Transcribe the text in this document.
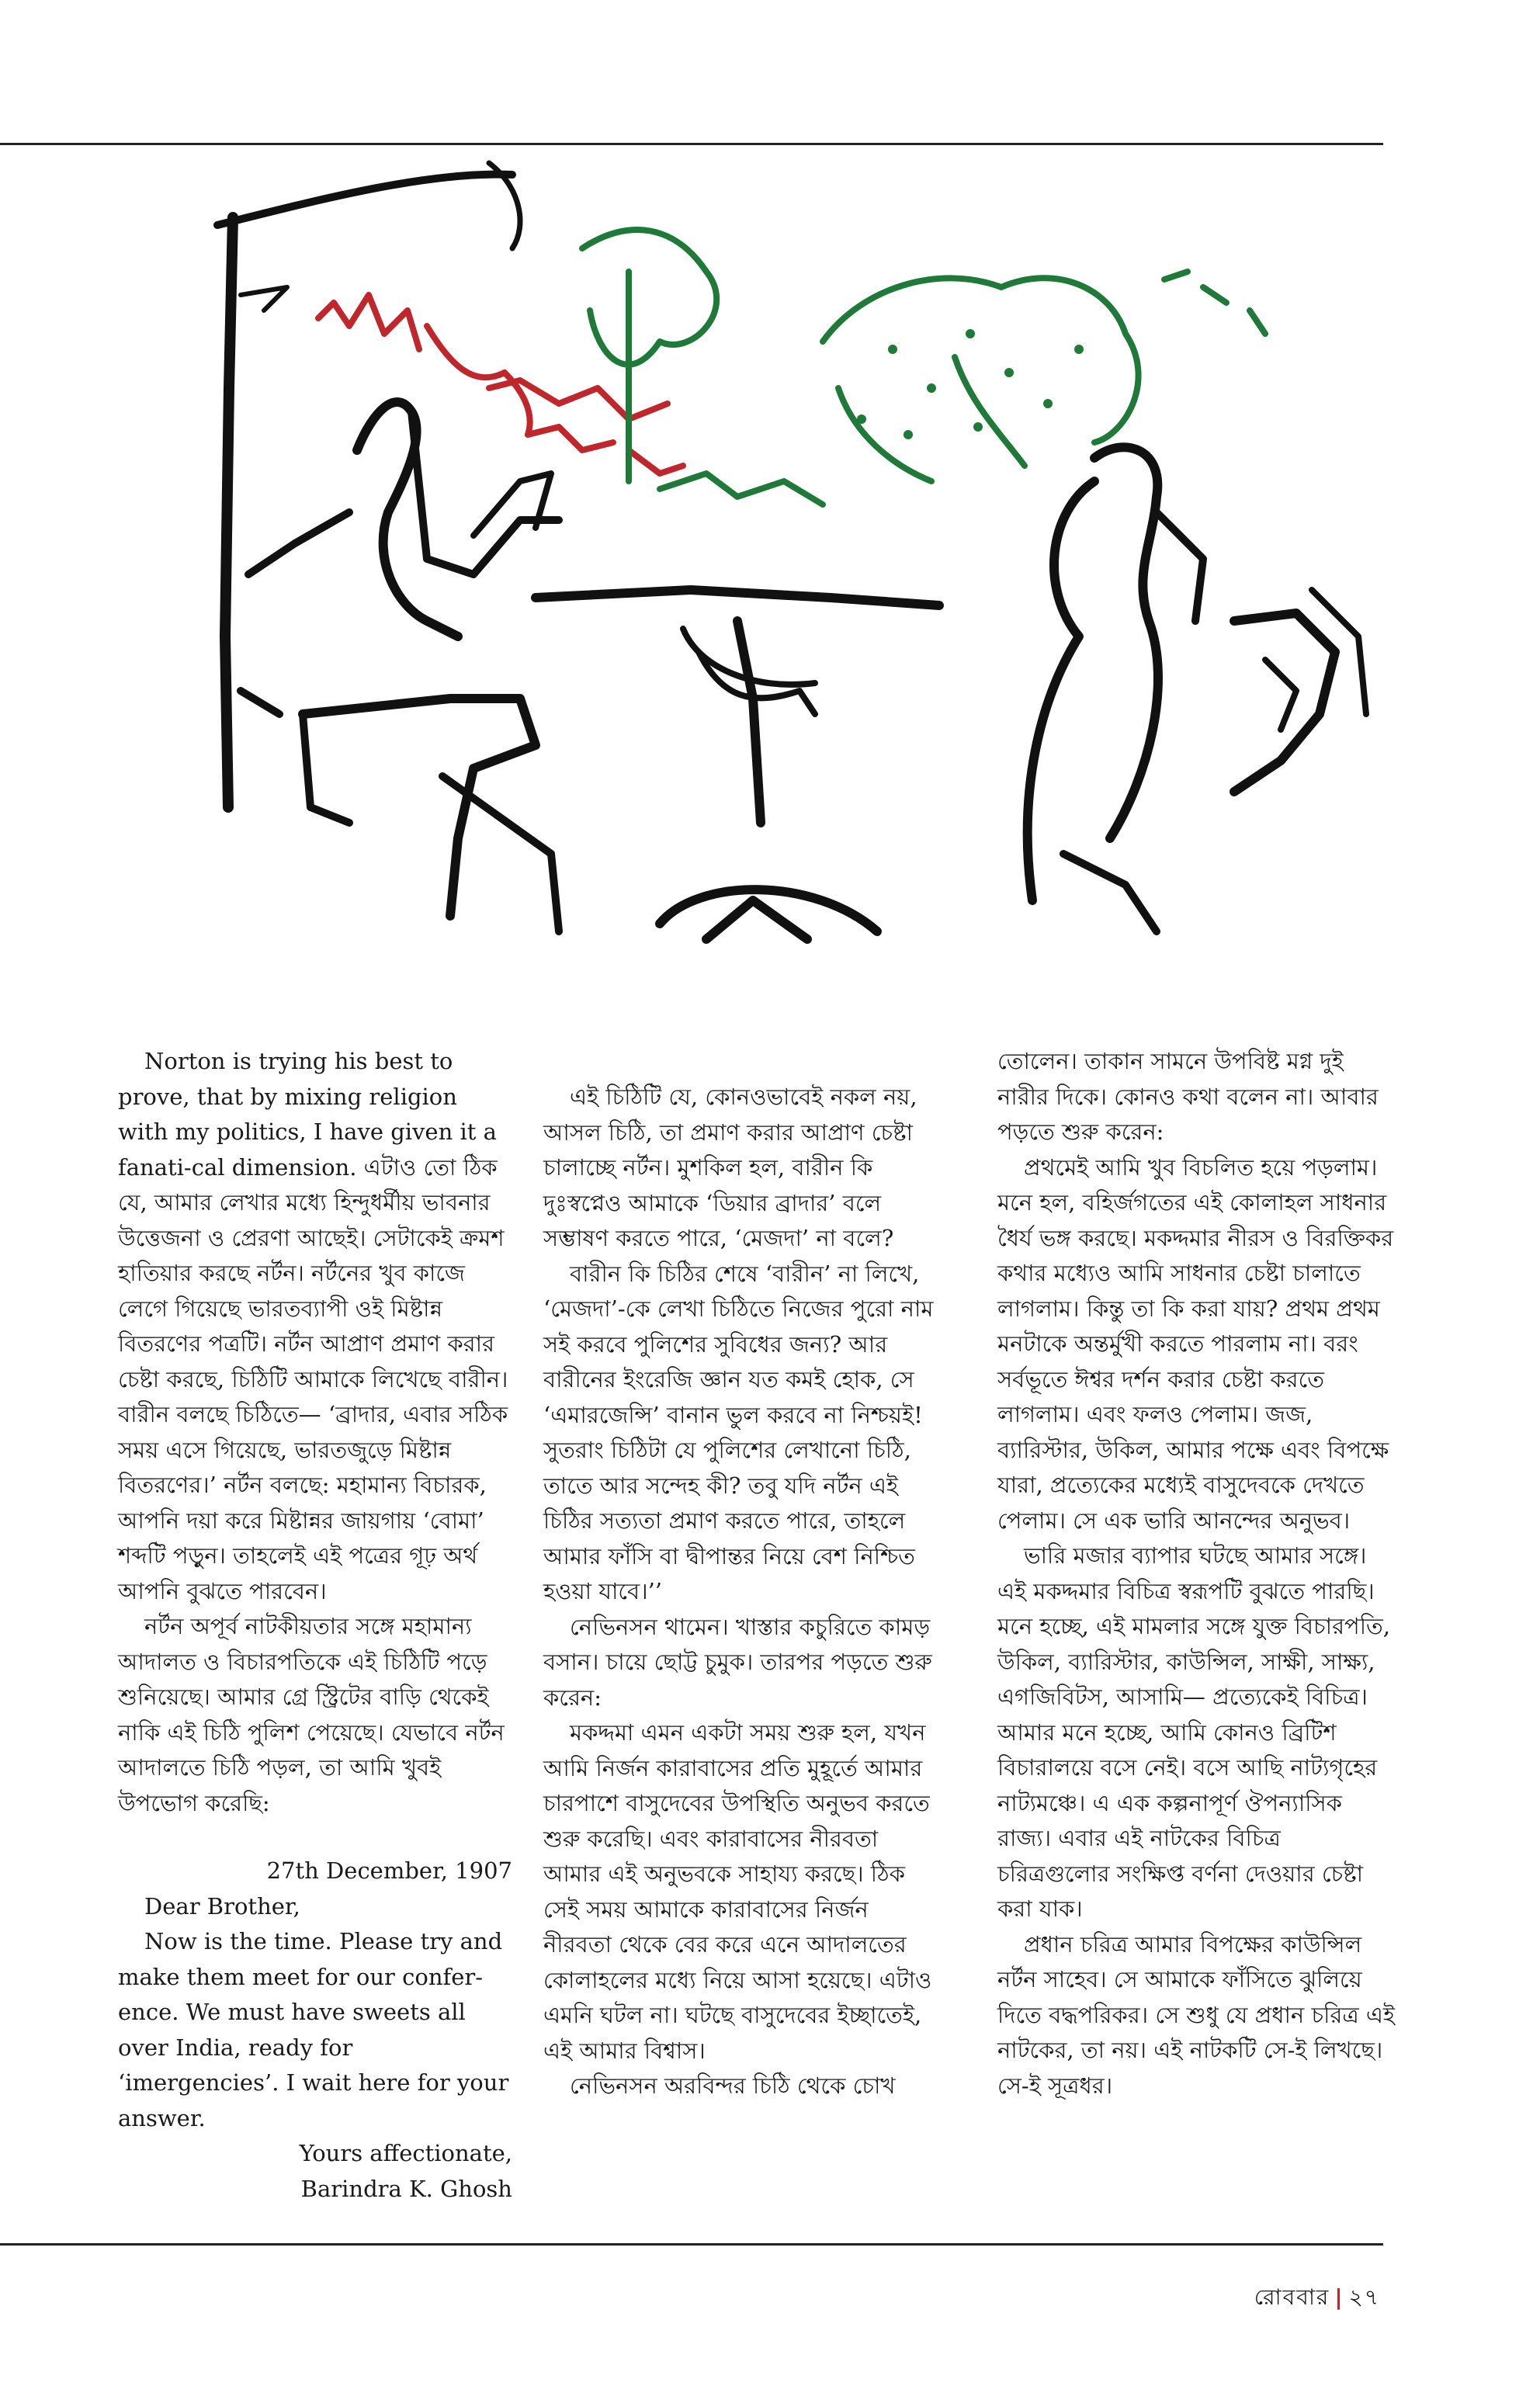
Norton is trying his best to prove, that by mixing religion with my politics, I have given it a fanati-cal dimension. এটাও তো ঠিক যে, আমার লেখার মধ্যে হিন্দুধর্মীয় ভাবনার উত্তেজনা ও প্রেরণা আছেই। সেটাকেই ক্রমশ হাতিয়ার করছে নর্টন। নর্টনের খুব কাজে লেগে গিয়েছে ভারতব্যাপী ওই মিষ্টান্ন বিতরণের পত্রটি। নর্টন আপ্রাণ প্রমাণ করার চেষ্টা করছে, চিঠিটি আমাকে লিখেছে বারীন। বারীন বলছে চিঠিতে— ‘ব্রাদার, এবার সঠিক সময় এসে গিয়েছে, ভারতজুড়ে মিষ্টান্ন বিতরণের।’ নর্টন বলছে: মহামান্য বিচারক, আপনি দয়া করে মিষ্টান্নর জায়গায় ‘বোমা’ শব্দটি পড়ুন। তাহলেই এই পত্রের গূঢ় অর্থ আপনি বুঝতে পারবেন।

নর্টন অপূর্ব নাটকীয়তার সঙ্গে মহামান্য আদালত ও বিচারপতিকে এই চিঠিটি পড়ে শুনিয়েছে। আমার গ্রে স্ট্রিটের বাড়ি থেকেই নাকি এই চিঠি পুলিশ পেয়েছে। যেভাবে নর্টন আদালতে চিঠি পড়ল, তা আমি খুবই উপভোগ করেছি:

27th December, 1907
Dear Brother,
Now is the time. Please try and make them meet for our confer-ence. We must have sweets all over India, ready for ‘imergencies’. I wait here for your answer.
Yours affectionate,
Barindra K. Ghosh

এই চিঠিটি যে, কোনওভাবেই নকল নয়, আসল চিঠি, তা প্রমাণ করার আপ্রাণ চেষ্টা চালাচ্ছে নর্টন। মুশকিল হল, বারীন কি দুঃস্বপ্নেও আমাকে ‘ডিয়ার ব্রাদার’ বলে সম্ভাষণ করতে পারে, ‘মেজদা’ না বলে?

বারীন কি চিঠির শেষে ‘বারীন’ না লিখে, ‘মেজদা’-কে লেখা চিঠিতে নিজের পুরো নাম সই করবে পুলিশের সুবিধের জন্য? আর বারীনের ইংরেজি জ্ঞান যত কমই হোক, সে ‘এমারজেন্সি’ বানান ভুল করবে না নিশ্চয়ই! সুতরাং চিঠিটা যে পুলিশের লেখানো চিঠি, তাতে আর সন্দেহ কী? তবু যদি নর্টন এই চিঠির সত্যতা প্রমাণ করতে পারে, তাহলে আমার ফাঁসি বা দ্বীপান্তর নিয়ে বেশ নিশ্চিত হওয়া যাবে।’’

নেভিনসন থামেন। খাস্তার কচুরিতে কামড় বসান। চায়ে ছোট্ট চুমুক। তারপর পড়তে শুরু করেন:

মকদ্দমা এমন একটা সময় শুরু হল, যখন আমি নির্জন কারাবাসের প্রতি মুহূর্তে আমার চারপাশে বাসুদেবের উপস্থিতি অনুভব করতে শুরু করেছি। এবং কারাবাসের নীরবতা আমার এই অনুভবকে সাহায্য করছে। ঠিক সেই সময় আমাকে কারাবাসের নির্জন নীরবতা থেকে বের করে এনে আদালতের কোলাহলের মধ্যে নিয়ে আসা হয়েছে। এটাও এমনি ঘটল না। ঘটছে বাসুদেবের ইচ্ছাতেই, এই আমার বিশ্বাস।

নেভিনসন অরবিন্দর চিঠি থেকে চোখ

তোলেন। তাকান সামনে উপবিষ্ট মগ্ন দুই নারীর দিকে। কোনও কথা বলেন না। আবার পড়তে শুরু করেন:

প্রথমেই আমি খুব বিচলিত হয়ে পড়লাম। মনে হল, বহির্জগতের এই কোলাহল সাধনার ধৈর্য ভঙ্গ করছে। মকদ্দমার নীরস ও বিরক্তিকর কথার মধ্যেও আমি সাধনার চেষ্টা চালাতে লাগলাম। কিন্তু তা কি করা যায়? প্রথম প্রথম মনটাকে অন্তর্মুখী করতে পারলাম না। বরং সর্বভূতে ঈশ্বর দর্শন করার চেষ্টা করতে লাগলাম। এবং ফলও পেলাম। জজ, ব্যারিস্টার, উকিল, আমার পক্ষে এবং বিপক্ষে যারা, প্রত্যেকের মধ্যেই বাসুদেবকে দেখতে পেলাম। সে এক ভারি আনন্দের অনুভব।

ভারি মজার ব্যাপার ঘটছে আমার সঙ্গে। এই মকদ্দমার বিচিত্র স্বরূপটি বুঝতে পারছি। মনে হচ্ছে, এই মামলার সঙ্গে যুক্ত বিচারপতি, উকিল, ব্যারিস্টার, কাউন্সিল, সাক্ষী, সাক্ষ্য, এগজিবিটস, আসামি— প্রত্যেকেই বিচিত্র। আমার মনে হচ্ছে, আমি কোনও ব্রিটিশ বিচারালয়ে বসে নেই। বসে আছি নাট্যগৃহের নাট্যমঞ্চে। এ এক কল্পনাপূর্ণ ঔপন্যাসিক রাজ্য। এবার এই নাটকের বিচিত্র চরিত্রগুলোর সংক্ষিপ্ত বর্ণনা দেওয়ার চেষ্টা করা যাক।

প্রধান চরিত্র আমার বিপক্ষের কাউন্সিল নর্টন সাহেব। সে আমাকে ফাঁসিতে ঝুলিয়ে দিতে বদ্ধপরিকর। সে শুধু যে প্রধান চরিত্র এই নাটকের, তা নয়। এই নাটকটি সে-ই লিখছে। সে-ই সূত্রধর।

রোববার | ২৭
